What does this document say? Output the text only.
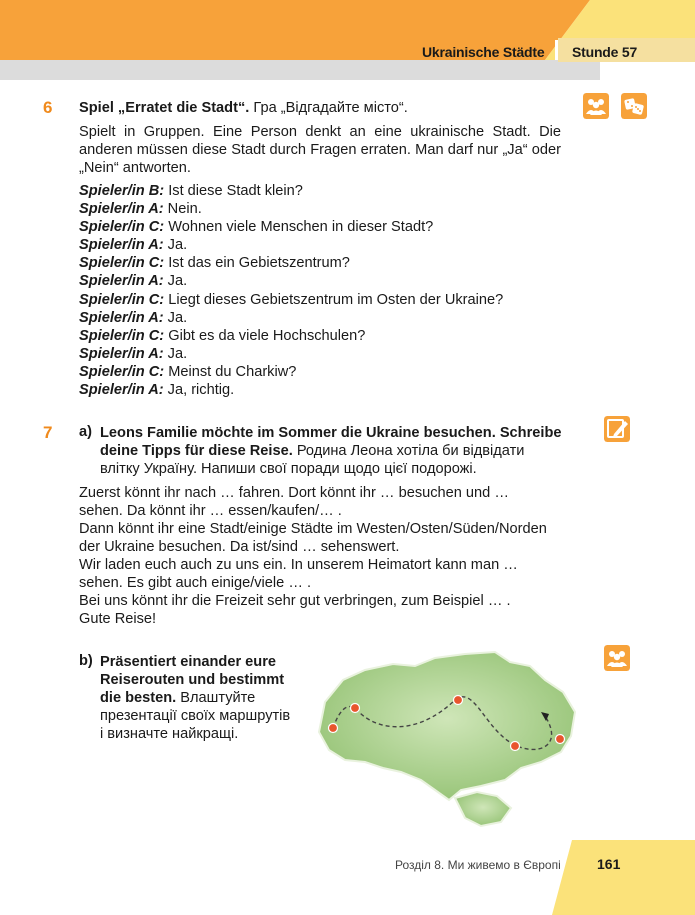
Ukrainische Städte Stunde 57
6 Spiel „Erratet die Stadt“. Гра „Відгадайте місто“.
Spielt in Gruppen. Eine Person denkt an eine ukrainische Stadt. Die anderen müssen diese Stadt durch Fragen erraten. Man darf nur „Ja“ oder „Nein“ antworten.
Spieler/in B: Ist diese Stadt klein?
Spieler/in A: Nein.
Spieler/in C: Wohnen viele Menschen in dieser Stadt?
Spieler/in A: Ja.
Spieler/in C: Ist das ein Gebietszentrum?
Spieler/in A: Ja.
Spieler/in C: Liegt dieses Gebietszentrum im Osten der Ukraine?
Spieler/in A: Ja.
Spieler/in C: Gibt es da viele Hochschulen?
Spieler/in A: Ja.
Spieler/in C: Meinst du Charkiw?
Spieler/in A: Ja, richtig.
7 a) Leons Familie möchte im Sommer die Ukraine besuchen. Schreibe
deine Tipps für diese Reise. Родина Леона хотіла би відвідати
влітку Україну. Напиши свої поради щодо цієї подорожі.
Zuerst könnt ihr nach … fahren. Dort könnt ihr … besuchen und …
sehen. Da könnt ihr … essen/kaufen/… .
Dann könnt ihr eine Stadt/einige Städte im Westen/Osten/Süden/Norden
der Ukraine besuchen. Da ist/sind … sehenswert.
Wir laden euch auch zu uns ein. In unserem Heimatort kann man …
sehen. Es gibt auch einige/viele … .
Bei uns könnt ihr die Freizeit sehr gut verbringen, zum Beispiel … .
Gute Reise!
b) Präsentiert einander eure
Reiserouten und bestimmt
die besten. Влаштуйте
презентації своїх маршрутів
і визначте найкращі.
Розділ 8. Ми живемо в Європі	161
